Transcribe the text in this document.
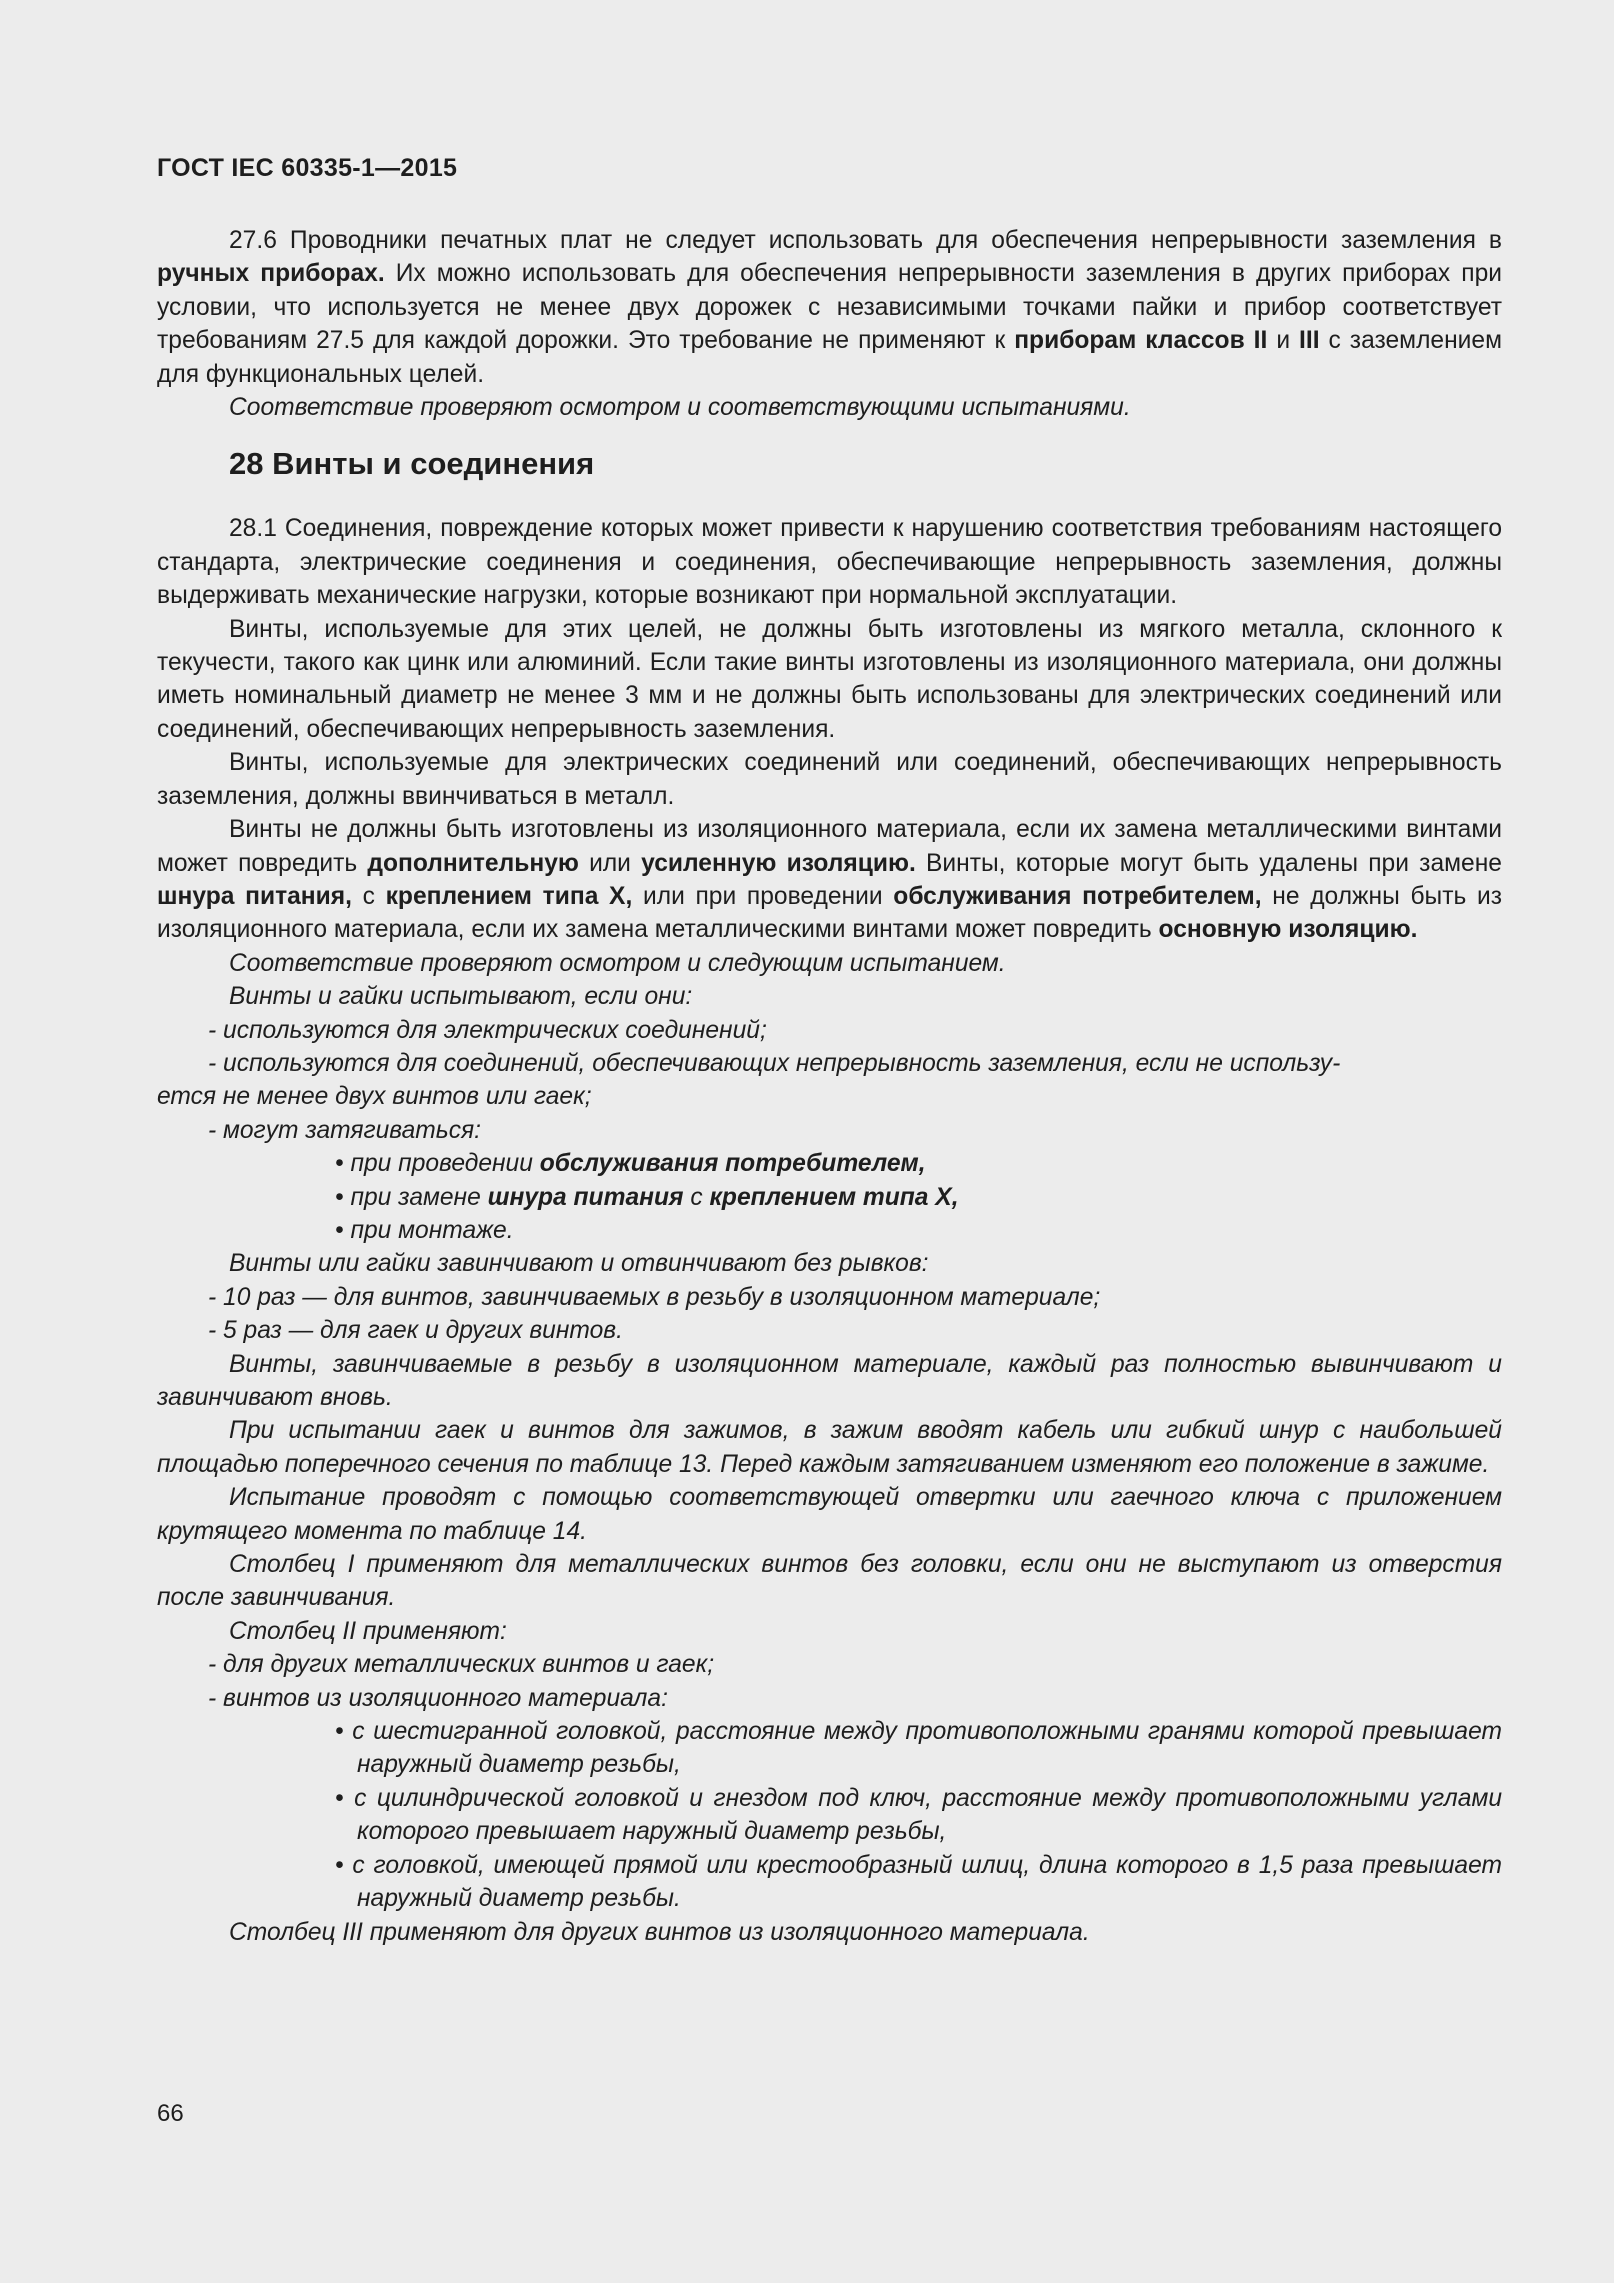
ГОСТ IEC 60335-1—2015

27.6 Проводники печатных плат не следует использовать для обеспечения непрерывности заземления в ручных приборах. Их можно использовать для обеспечения непрерывности заземления в других приборах при условии, что используется не менее двух дорожек с независимыми точками пайки и прибор соответствует требованиям 27.5 для каждой дорожки. Это требование не применяют к приборам классов II и III с заземлением для функциональных целей.

Соответствие проверяют осмотром и соответствующими испытаниями.

28 Винты и соединения

28.1 Соединения, повреждение которых может привести к нарушению соответствия требованиям настоящего стандарта, электрические соединения и соединения, обеспечивающие непрерывность заземления, должны выдерживать механические нагрузки, которые возникают при нормальной эксплуатации.

Винты, используемые для этих целей, не должны быть изготовлены из мягкого металла, склонного к текучести, такого как цинк или алюминий. Если такие винты изготовлены из изоляционного материала, они должны иметь номинальный диаметр не менее 3 мм и не должны быть использованы для электрических соединений или соединений, обеспечивающих непрерывность заземления.

Винты, используемые для электрических соединений или соединений, обеспечивающих непрерывность заземления, должны ввинчиваться в металл.

Винты не должны быть изготовлены из изоляционного материала, если их замена металлическими винтами может повредить дополнительную или усиленную изоляцию. Винты, которые могут быть удалены при замене шнура питания, с креплением типа X, или при проведении обслуживания потребителем, не должны быть из изоляционного материала, если их замена металлическими винтами может повредить основную изоляцию.

Соответствие проверяют осмотром и следующим испытанием.

Винты и гайки испытывают, если они:

- используются для электрических соединений;

- используются для соединений, обеспечивающих непрерывность заземления, если не использу-

ется не менее двух винтов или гаек;

- могут затягиваться:

• при проведении обслуживания потребителем,

• при замене шнура питания с креплением типа X,

• при монтаже.

Винты или гайки завинчивают и отвинчивают без рывков:

- 10 раз — для винтов, завинчиваемых в резьбу в изоляционном материале;

- 5 раз — для гаек и других винтов.

Винты, завинчиваемые в резьбу в изоляционном материале, каждый раз полностью вывинчивают и завинчивают вновь.

При испытании гаек и винтов для зажимов, в зажим вводят кабель или гибкий шнур с наибольшей площадью поперечного сечения по таблице 13. Перед каждым затягиванием изменяют его положение в зажиме.

Испытание проводят с помощью соответствующей отвертки или гаечного ключа с приложением крутящего момента по таблице 14.

Столбец I применяют для металлических винтов без головки, если они не выступают из отверстия после завинчивания.

Столбец II применяют:

- для других металлических винтов и гаек;

- винтов из изоляционного материала:

• с шестигранной головкой, расстояние между противоположными гранями которой превышает наружный диаметр резьбы,

• с цилиндрической головкой и гнездом под ключ, расстояние между противоположными углами которого превышает наружный диаметр резьбы,

• с головкой, имеющей прямой или крестообразный шлиц, длина которого в 1,5 раза превышает наружный диаметр резьбы.

Столбец III применяют для других винтов из изоляционного материала.

66
